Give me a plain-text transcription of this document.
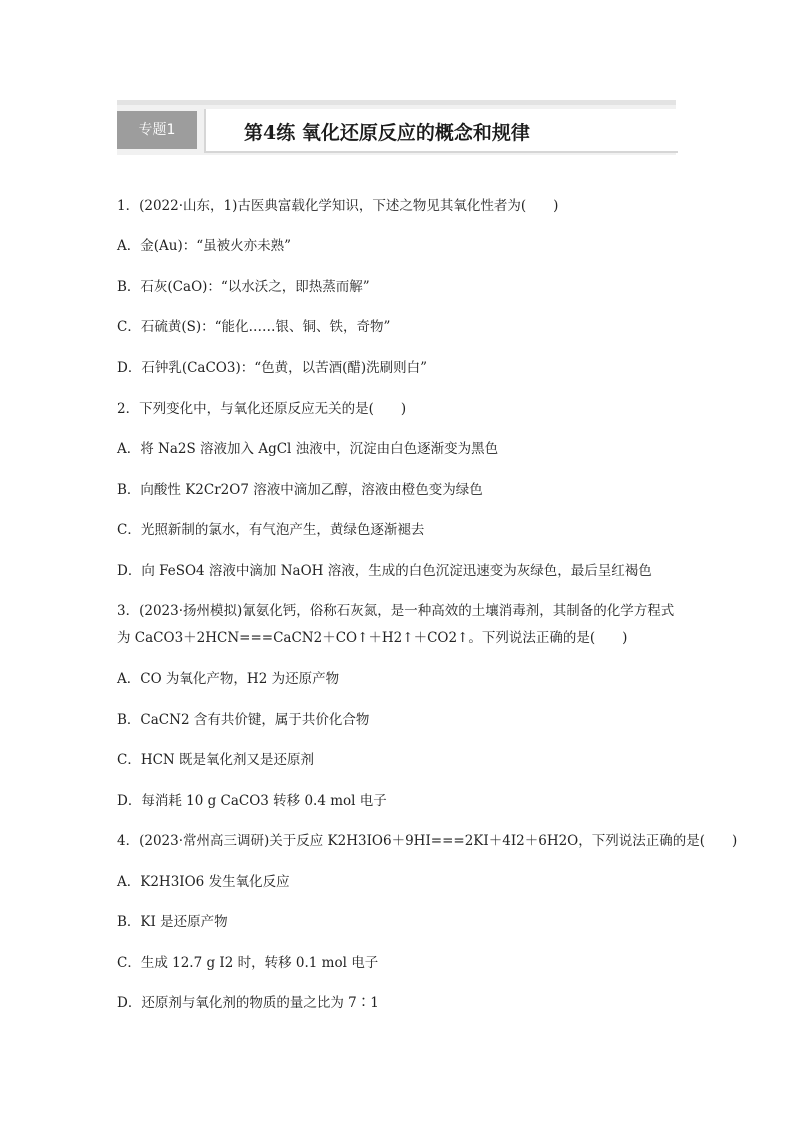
专题1	第4练 氧化还原反应的概念和规律
1．(2022·山东，1)古医典富载化学知识，下述之物见其氧化性者为(　　)
A．金(Au)：“虽被火亦未熟”
B．石灰(CaO)：“以水沃之，即热蒸而解”
C．石硫黄(S)：“能化……银、铜、铁，奇物”
D．石钟乳(CaCO3)：“色黄，以苦酒(醋)洗刷则白”
2．下列变化中，与氧化还原反应无关的是(　　)
A．将 Na2S 溶液加入 AgCl 浊液中，沉淀由白色逐渐变为黑色
B．向酸性 K2Cr2O7 溶液中滴加乙醇，溶液由橙色变为绿色
C．光照新制的氯水，有气泡产生，黄绿色逐渐褪去
D．向 FeSO4 溶液中滴加 NaOH 溶液，生成的白色沉淀迅速变为灰绿色，最后呈红褐色
3．(2023·扬州模拟)氰氨化钙，俗称石灰氮，是一种高效的土壤消毒剂，其制备的化学方程式
为 CaCO3＋2HCN===CaCN2＋CO↑＋H2↑＋CO2↑。下列说法正确的是(　　)
A．CO 为氧化产物，H2 为还原产物
B．CaCN2 含有共价键，属于共价化合物
C．HCN 既是氧化剂又是还原剂
D．每消耗 10 g CaCO3 转移 0.4 mol 电子
4．(2023·常州高三调研)关于反应 K2H3IO6＋9HI===2KI＋4I2＋6H2O，下列说法正确的是(　　)
A．K2H3IO6 发生氧化反应
B．KI 是还原产物
C．生成 12.7 g I2 时，转移 0.1 mol 电子
D．还原剂与氧化剂的物质的量之比为 7∶1
